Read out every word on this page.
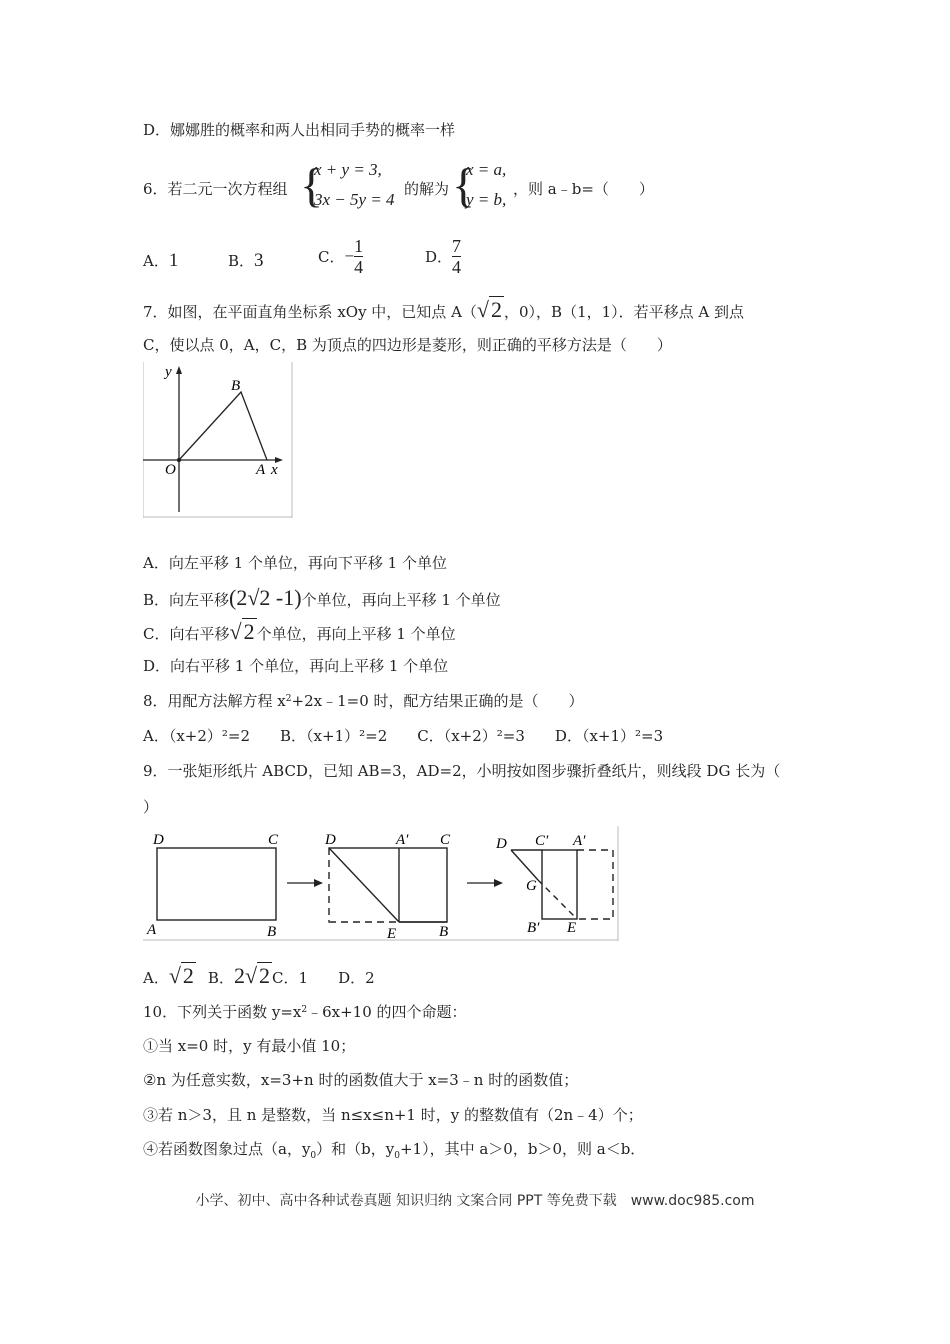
D．娜娜胜的概率和两人出相同手势的概率一样
6．若二元一次方程组 {
x + y = 3,
3x − 5y = 4
的解为 {
x = a,
y = b,
，则 a﹣b=（　　）
A．1	B．3	C．− $\frac{1}{4}$	D． $\frac{7}{4}$
7．如图，在平面直角坐标系 xOy 中，已知点 A（√2 ，0），B（1，1）．若平移点 A 到点
C，使以点 0，A，C，B 为顶点的四边形是菱形，则正确的平移方法是（　　）
y
O	A x
B
A．向左平移 1 个单位，再向下平移 1 个单位
B．向左平移(2√2 -1)个单位，再向上平移 1 个单位
C．向右平移√2 个单位，再向上平移 1 个单位
D．向右平移 1 个单位，再向上平移 1 个单位
8．用配方法解方程 $x^2+2x﹣1=0$ 时，配方结果正确的是（　　）
A．（x+2）²=2　　B．（x+1）²=2　　C．（x+2）²=3　　D．（x+1）²=3
9．一张矩形纸片 ABCD，已知 AB=3，AD=2，小明按如图步骤折叠纸片，则线段 DG 长为（
）
D	C
A	B
D	A′ C
E	B
D C′ A′
G
B′ E
A．√2 B．2√2 C．1 D．2
10．下列关于函数 $y=x^2﹣6x+10$ 的四个命题：
①当 x=0 时，y 有最小值 10；
②n 为任意实数，x=3+n 时的函数值大于 x=3﹣n 时的函数值；
③若 n＞3，且 n 是整数，当 n≤x≤n+1 时，y 的整数值有（2n﹣4）个；
④若函数图象过点（a，$y_0$）和（b，$y_0+1$），其中 a＞0，b＞0，则 a＜b．
小学、初中、高中各种试卷真题 知识归纳 文案合同 PPT 等免费下载　www.doc985.com
